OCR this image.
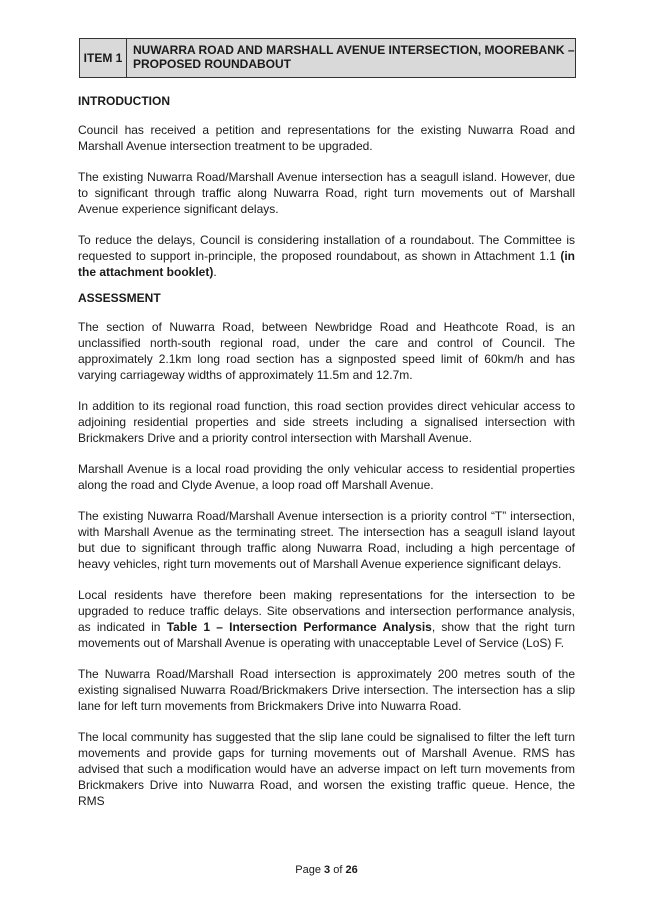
ITEM 1
NUWARRA ROAD AND MARSHALL AVENUE INTERSECTION, MOOREBANK –
PROPOSED ROUNDABOUT
INTRODUCTION

Council has received a petition and representations for the existing Nuwarra Road and Marshall Avenue intersection treatment to be upgraded.

The existing Nuwarra Road/Marshall Avenue intersection has a seagull island. However, due to significant through traffic along Nuwarra Road, right turn movements out of Marshall Avenue experience significant delays.

To reduce the delays, Council is considering installation of a roundabout. The Committee is requested to support in-principle, the proposed roundabout, as shown in Attachment 1.1 (in the attachment booklet).

ASSESSMENT

The section of Nuwarra Road, between Newbridge Road and Heathcote Road, is an unclassified north-south regional road, under the care and control of Council. The approximately 2.1km long road section has a signposted speed limit of 60km/h and has varying carriageway widths of approximately 11.5m and 12.7m.

In addition to its regional road function, this road section provides direct vehicular access to adjoining residential properties and side streets including a signalised intersection with Brickmakers Drive and a priority control intersection with Marshall Avenue.

Marshall Avenue is a local road providing the only vehicular access to residential properties along the road and Clyde Avenue, a loop road off Marshall Avenue.

The existing Nuwarra Road/Marshall Avenue intersection is a priority control “T” intersection, with Marshall Avenue as the terminating street. The intersection has a seagull island layout but due to significant through traffic along Nuwarra Road, including a high percentage of heavy vehicles, right turn movements out of Marshall Avenue experience significant delays.

Local residents have therefore been making representations for the intersection to be upgraded to reduce traffic delays. Site observations and intersection performance analysis, as indicated in Table 1 – Intersection Performance Analysis, show that the right turn movements out of Marshall Avenue is operating with unacceptable Level of Service (LoS) F.

The Nuwarra Road/Marshall Road intersection is approximately 200 metres south of the existing signalised Nuwarra Road/Brickmakers Drive intersection. The intersection has a slip lane for left turn movements from Brickmakers Drive into Nuwarra Road.

The local community has suggested that the slip lane could be signalised to filter the left turn movements and provide gaps for turning movements out of Marshall Avenue. RMS has advised that such a modification would have an adverse impact on left turn movements from Brickmakers Drive into Nuwarra Road, and worsen the existing traffic queue. Hence, the RMS

Page 3 of 26
